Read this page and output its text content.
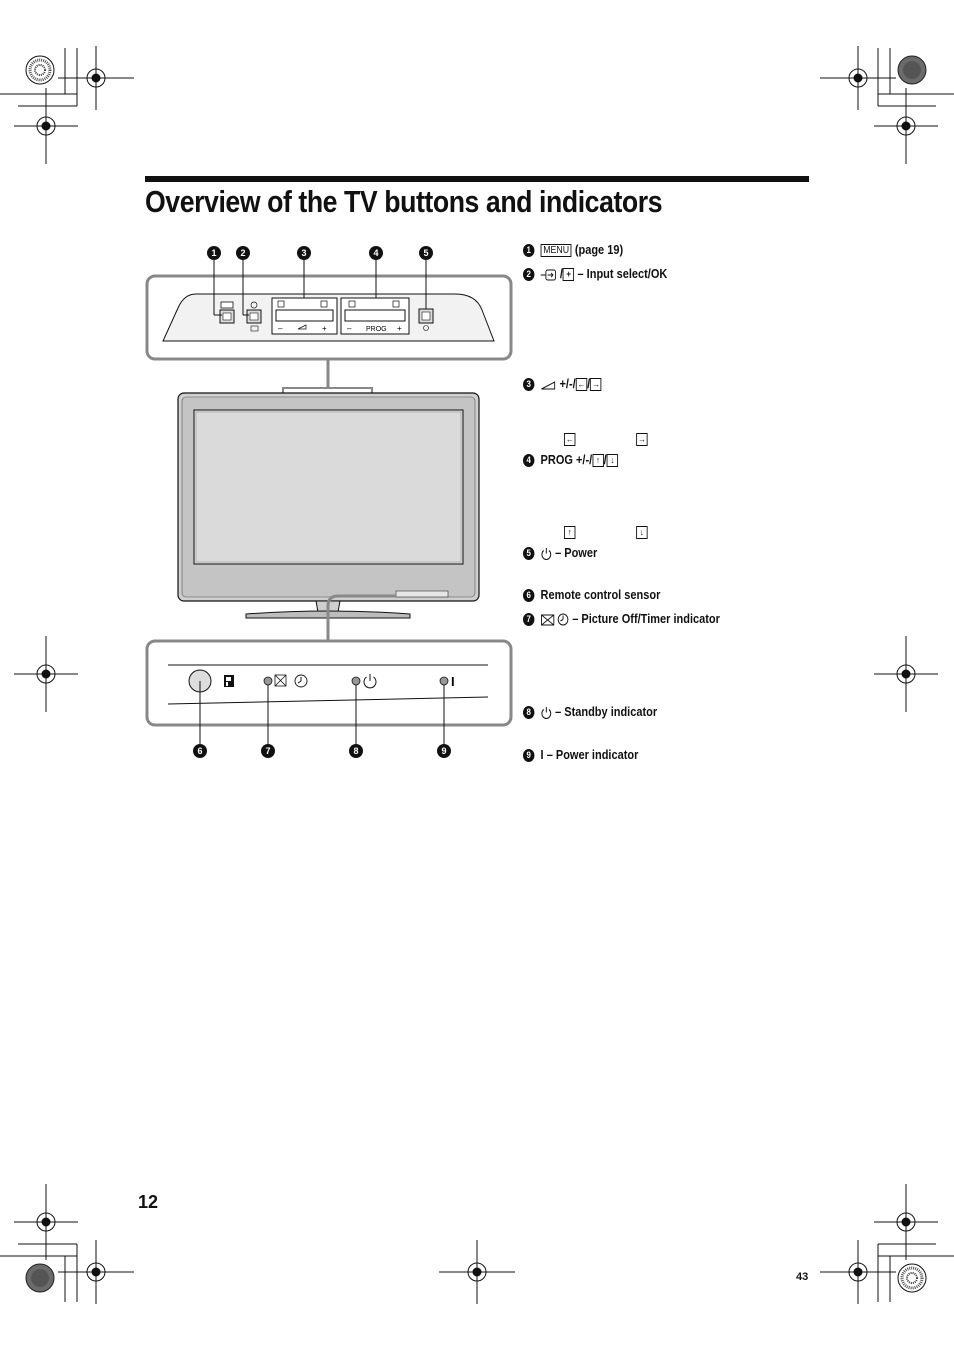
Overview of the TV buttons and indicators
–	+	– PROG +
1	2	3	4	5
I
6	7	8	9
1 MENU (page 19)
2 / + – Input select/OK
3 +/-/ ← / →
←	→
4 PROG +/-/ ↑ / ↓
↑	↓
5 – Power
6 Remote control sensor
7	– Picture Off/Timer indicator
8 – Standby indicator
9 I – Power indicator
12
43
